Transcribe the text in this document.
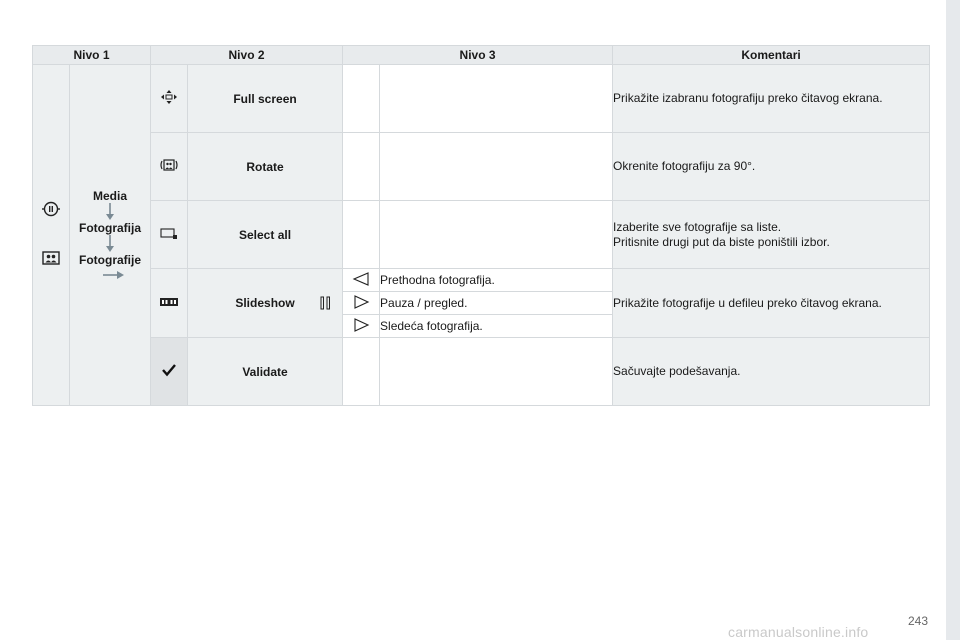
Nivo 1		Nivo 2		Nivo 3		Komentari

Media
Fotografija
Fotografije		Full screen			Prikažite izabranu fotografiju preko čitavog ekrana.
	Rotate			Okrenite fotografiju za 90°.
	Select all			Izaberite sve fotografije sa liste.
Pritisnite drugi put da biste poništili izbor.

	Slideshow		Prethodna fotografija.	Prikažite fotografije u defileu preko čitavog ekrana.

	Pauza / pregled.	
	Sledeća fotografija.	
	Validate			Sačuvajte podešavanja.
243
carmanualsonline.info
